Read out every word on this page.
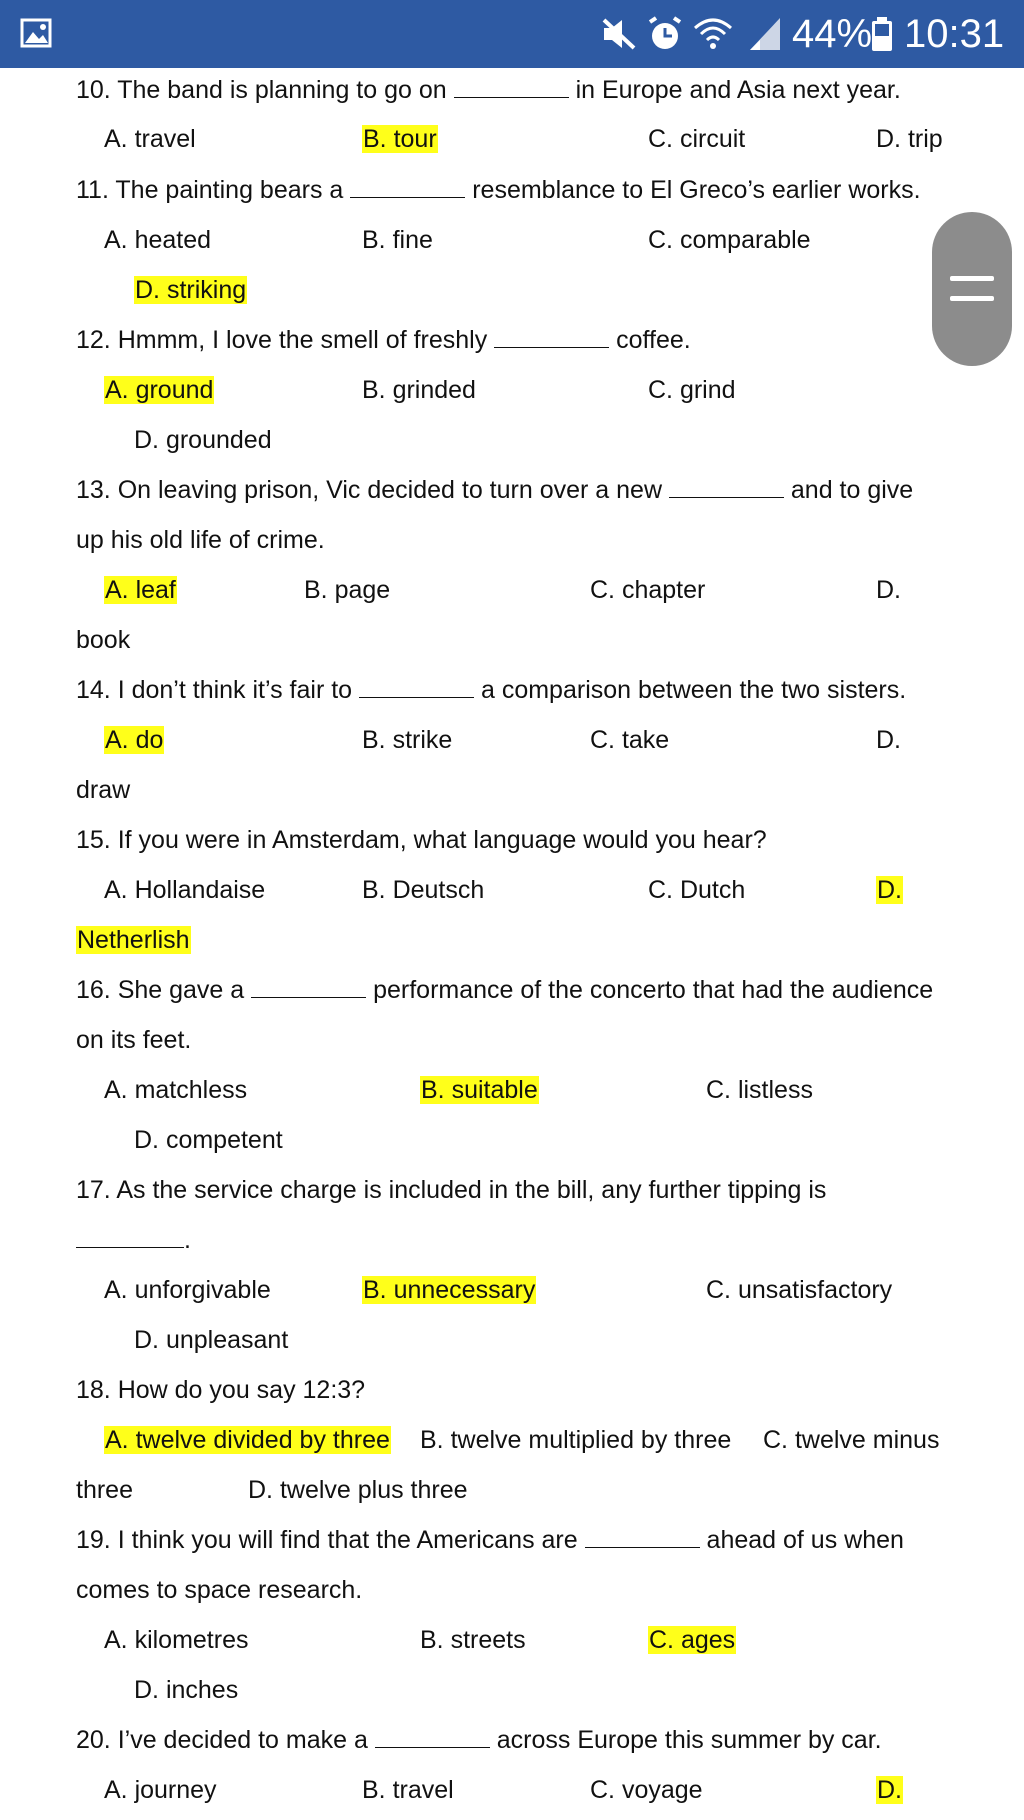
44% 10:31
10. The band is planning to go on	in Europe and Asia next year.
A. travel	B. tour	C. circuit	D. trip
11. The painting bears a	resemblance to El Greco’s earlier works.
A. heated	B. fine	C. comparable
D. striking
12. Hmmm, I love the smell of freshly	coffee.
A. ground	B. grinded	C. grind
D. grounded
13. On leaving prison, Vic decided to turn over a new	and to give
up his old life of crime.
A. leaf	B. page	C. chapter	D.
book
14. I don’t think it’s fair to	a comparison between the two sisters.
A. do	B. strike	C. take	D.
draw
15. If you were in Amsterdam, what language would you hear?
A. Hollandaise	B. Deutsch	C. Dutch	D.
Netherlish
16. She gave a	performance of the concerto that had the audience
on its feet.
A. matchless	B. suitable	C. listless
D. competent
17. As the service charge is included in the bill, any further tipping is
.
A. unforgivable	B. unnecessary	C. unsatisfactory
D. unpleasant
18. How do you say 12:3?
A. twelve divided by three B. twelve multiplied by three C. twelve minus
three	D. twelve plus three
19. I think you will find that the Americans are	ahead of us when
comes to space research.
A. kilometres	B. streets	C. ages
D. inches
20. I’ve decided to make a	across Europe this summer by car.
A. journey	B. travel	C. voyage	D.
